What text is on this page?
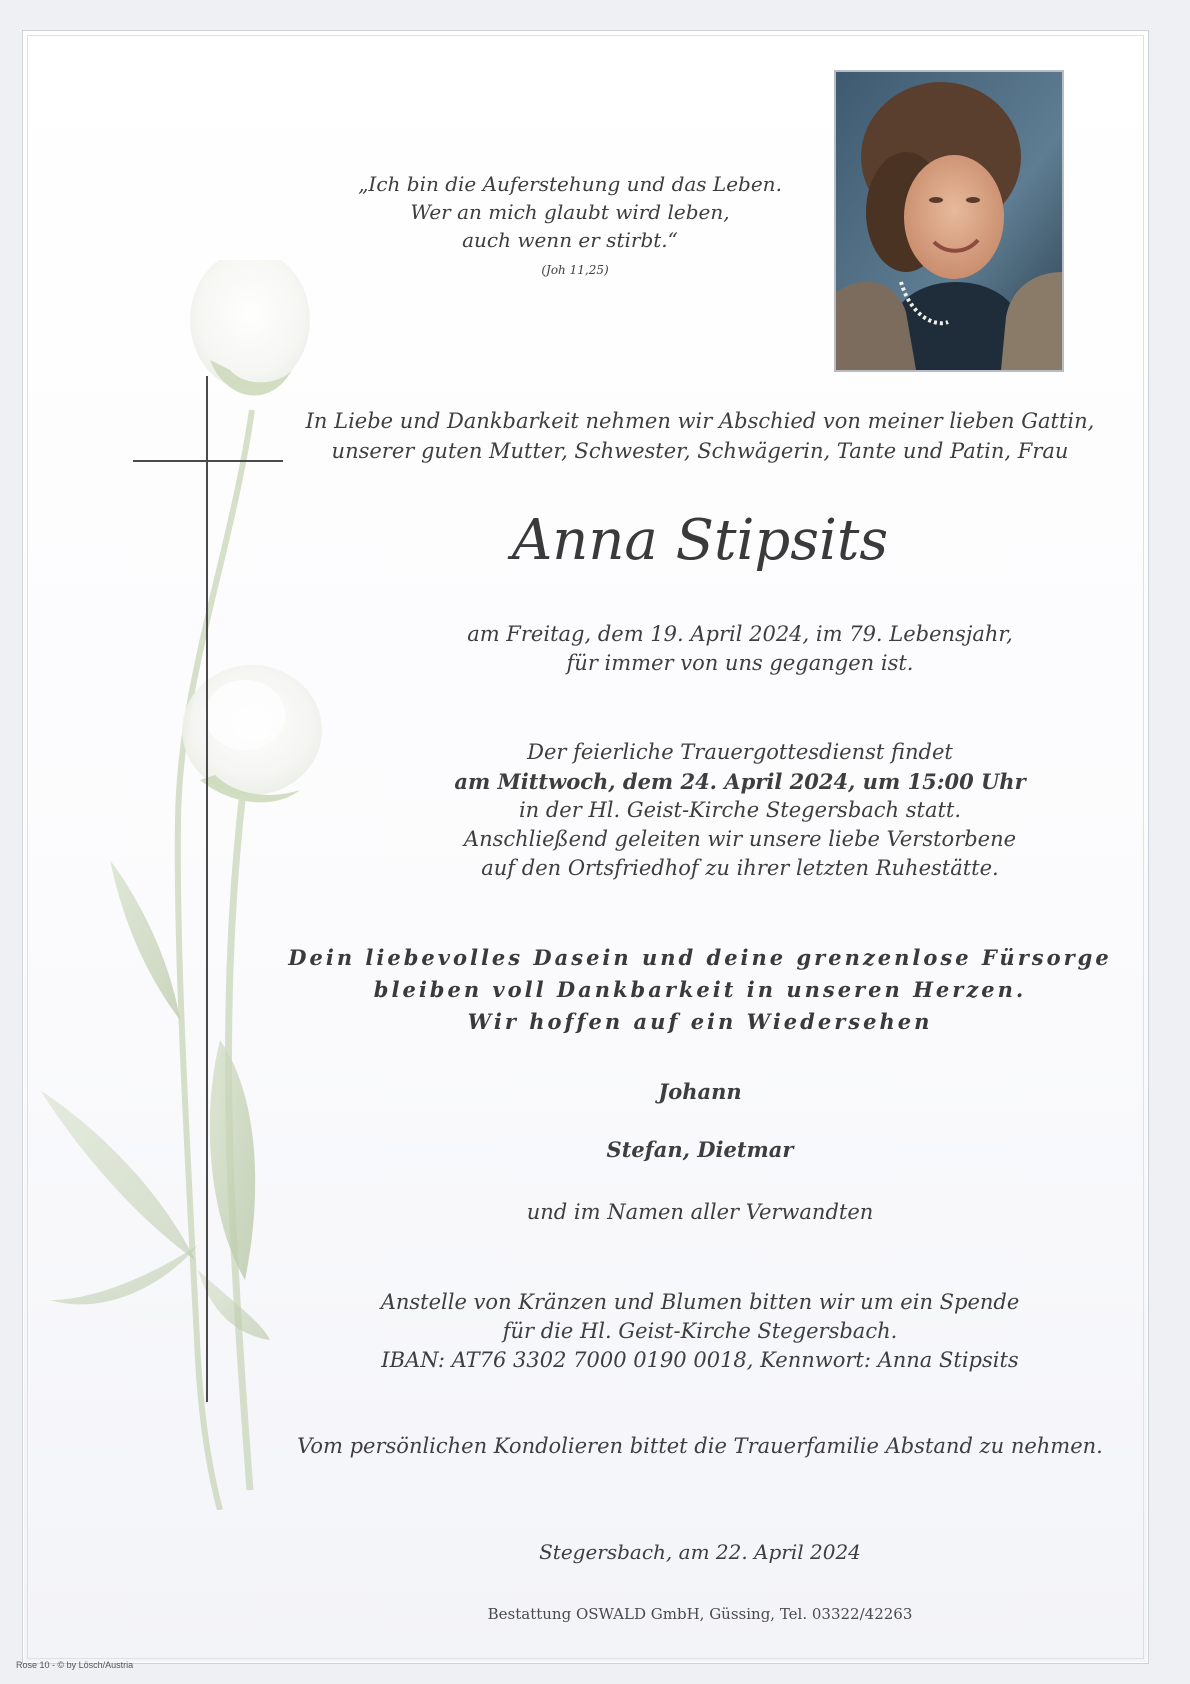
„Ich bin die Auferstehung und das Leben.
Wer an mich glaubt wird leben,
auch wenn er stirbt.“
(Joh 11,25)
In Liebe und Dankbarkeit nehmen wir Abschied von meiner lieben Gattin,
unserer guten Mutter, Schwester, Schwägerin, Tante und Patin, Frau
Anna Stipsits
am Freitag, dem 19. April 2024, im 79. Lebensjahr,
für immer von uns gegangen ist.
Der feierliche Trauergottesdienst findet
am Mittwoch, dem 24. April 2024, um 15:00 Uhr
in der Hl. Geist-Kirche Stegersbach statt.
Anschließend geleiten wir unsere liebe Verstorbene
auf den Ortsfriedhof zu ihrer letzten Ruhestätte.
Dein liebevolles Dasein und deine grenzenlose Fürsorge
bleiben voll Dankbarkeit in unseren Herzen.
Wir hoffen auf ein Wiedersehen
Johann
Stefan, Dietmar
und im Namen aller Verwandten
Anstelle von Kränzen und Blumen bitten wir um ein Spende
für die Hl. Geist-Kirche Stegersbach.
IBAN: AT76 3302 7000 0190 0018, Kennwort: Anna Stipsits
Vom persönlichen Kondolieren bittet die Trauerfamilie Abstand zu nehmen.
Stegersbach, am 22. April 2024
Bestattung OSWALD GmbH, Güssing, Tel. 03322/42263
Rose 10 - © by Lösch/Austria
